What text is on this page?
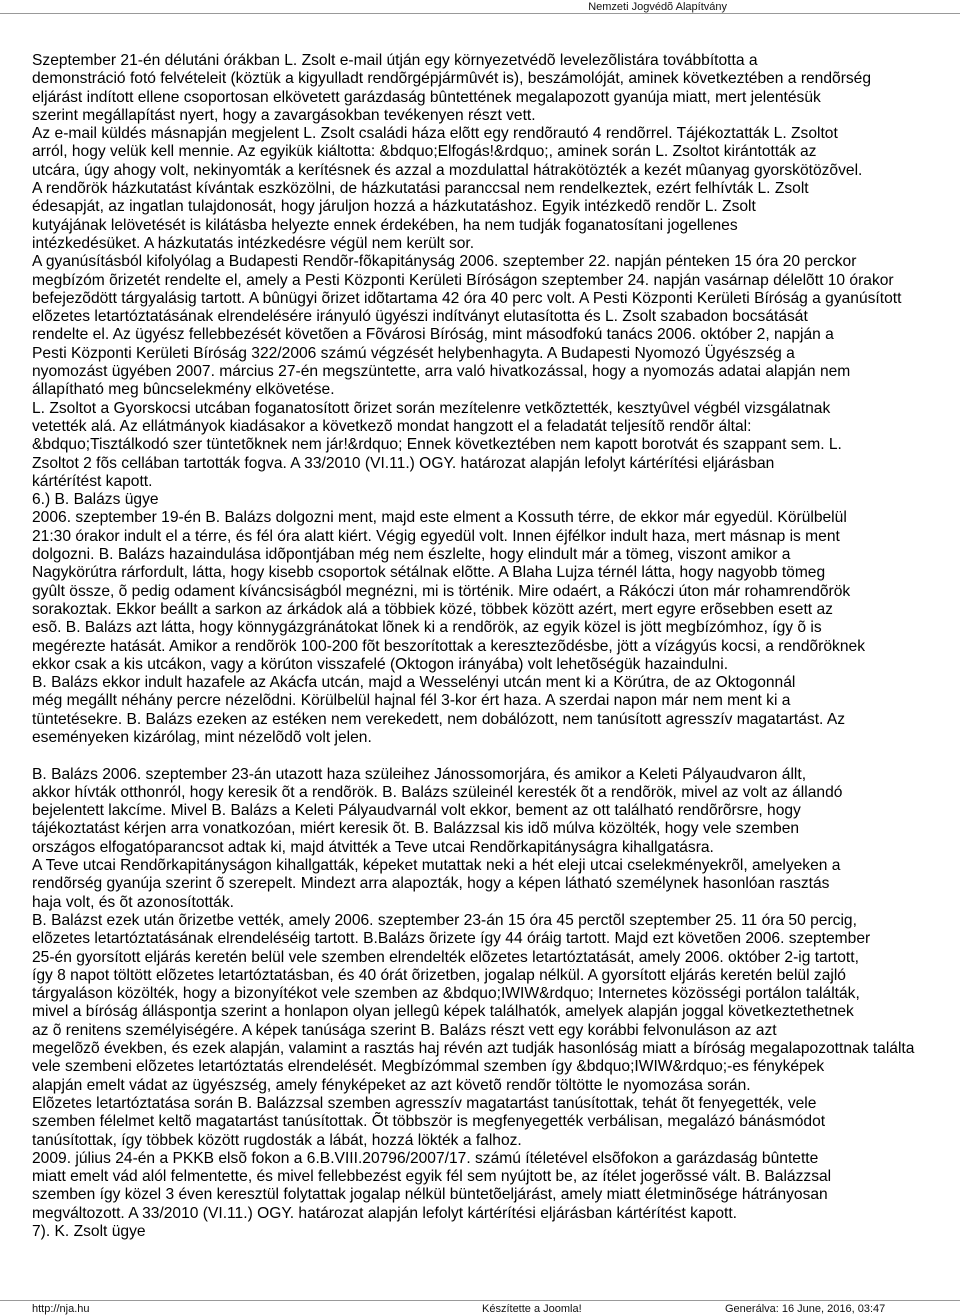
Nemzeti Jogvédõ Alapítvány

Szeptember 21-én délutáni órákban L. Zsolt e-mail útján egy környezetvédõ levelezõlistára továbbította a

demonstráció fotó felvételeit (köztük a kigyulladt rendõrgépjármûvét is), beszámolóját, aminek következtében a rendõrség

eljárást indított ellene csoportosan elkövetett garázdaság bûntettének megalapozott gyanúja miatt, mert jelentésük

szerint megállapítást nyert, hogy a zavargásokban tevékenyen részt vett.

Az e-mail küldés másnapján megjelent L. Zsolt családi háza elõtt egy rendõrautó 4 rendõrrel. Tájékoztatták L. Zsoltot

arról, hogy velük kell mennie. Az egyikük kiáltotta: &bdquo;Elfogás!&rdquo;, aminek során L. Zsoltot kirántották az

utcára, úgy ahogy volt, nekinyomták a kerítésnek és azzal a mozdulattal hátrakötözték a kezét mûanyag gyorskötözõvel.

A rendõrök házkutatást kívántak eszközölni, de házkutatási paranccsal nem rendelkeztek, ezért felhívták L. Zsolt

édesapját, az ingatlan tulajdonosát, hogy járuljon hozzá a házkutatáshoz. Egyik intézkedõ rendõr L. Zsolt

kutyájának lelövetését is kilátásba helyezte ennek érdekében, ha nem tudják foganatosítani jogellenes

intézkedésüket. A házkutatás intézkedésre végül nem került sor.

A gyanúsításból kifolyólag a Budapesti Rendõr-fõkapitányság 2006. szeptember 22. napján pénteken 15 óra 20 perckor

megbízóm õrizetét rendelte el, amely a Pesti Központi Kerületi Bíróságon szeptember 24. napján vasárnap délelõtt 10 órakor

befejezõdött tárgyalásig tartott. A bûnügyi õrizet idõtartama 42 óra 40 perc volt. A Pesti Központi Kerületi Bíróság a gyanúsított

elõzetes letartóztatásának elrendelésére irányuló ügyészi indítványt elutasította és L. Zsolt szabadon bocsátását

rendelte el. Az ügyész fellebbezését követõen a Fõvárosi Bíróság, mint másodfokú tanács 2006. október 2, napján a

Pesti Központi Kerületi Bíróság 322/2006 számú végzését helybenhagyta. A Budapesti Nyomozó Ügyészség a

nyomozást ügyében 2007. március 27-én megszüntette, arra való hivatkozással, hogy a nyomozás adatai alapján nem

állapítható meg bûncselekmény elkövetése.

L. Zsoltot a Gyorskocsi utcában foganatosított õrizet során mezítelenre vetkõztették, kesztyûvel végbél vizsgálatnak

vetették alá. Az ellátmányok kiadásakor a következõ mondat hangzott el a feladatát teljesítõ rendõr által:

&bdquo;Tisztálkodó szer tüntetõknek nem jár!&rdquo; Ennek következtében nem kapott borotvát és szappant sem. L.

Zsoltot 2 fõs cellában tartották fogva. A 33/2010 (VI.11.) OGY. határozat alapján lefolyt kártérítési eljárásban

kártérítést kapott.

6.) B. Balázs ügye

2006. szeptember 19-én B. Balázs dolgozni ment, majd este elment a Kossuth térre, de ekkor már egyedül. Körülbelül

21:30 órakor indult el a térre, és fél óra alatt kiért. Végig egyedül volt. Innen éjfélkor indult haza, mert másnap is ment

dolgozni. B. Balázs hazaindulása idõpontjában még nem észlelte, hogy elindult már a tömeg, viszont amikor a

Nagykörútra rárfordult, látta, hogy kisebb csoportok sétálnak elõtte. A Blaha Lujza térnél látta, hogy nagyobb tömeg

gyûlt össze, õ pedig odament kíváncsiságból megnézni, mi is történik. Mire odaért, a Rákóczi úton már rohamrendõrök

sorakoztak. Ekkor beállt a sarkon az árkádok alá a többiek közé, többek között azért, mert egyre erõsebben esett az

esõ. B. Balázs azt látta, hogy könnygázgránátokat lõnek ki a rendõrök, az egyik közel is jött megbízómhoz, így õ is

megérezte hatását. Amikor a rendõrök 100-200 fõt beszorítottak a keresztezõdésbe, jött a vízágyús kocsi, a rendõröknek

ekkor csak a kis utcákon, vagy a körúton visszafelé (Oktogon irányába) volt lehetõségük hazaindulni.

B. Balázs ekkor indult hazafele az Akácfa utcán, majd a Wesselényi utcán ment ki a Körútra, de az Oktogonnál

még megállt néhány percre nézelõdni. Körülbelül hajnal fél 3-kor ért haza. A szerdai napon már nem ment ki a

tüntetésekre. B. Balázs ezeken az estéken nem verekedett, nem dobálózott, nem tanúsított agresszív magatartást. Az

eseményeken kizárólag, mint nézelõdõ volt jelen.

B. Balázs 2006. szeptember 23-án utazott haza szüleihez Jánossomorjára, és amikor a Keleti Pályaudvaron állt,

akkor hívták otthonról, hogy keresik õt a rendõrök. B. Balázs szüleinél keresték õt a rendõrök, mivel az volt az állandó

bejelentett lakcíme. Mivel B. Balázs a Keleti Pályaudvarnál volt ekkor, bement az ott található rendõrõrsre, hogy

tájékoztatást kérjen arra vonatkozóan, miért keresik õt. B. Balázzsal kis idõ múlva közölték, hogy vele szemben

országos elfogatóparancsot adtak ki, majd átvitték a Teve utcai Rendõrkapitányságra kihallgatásra.

A Teve utcai Rendõrkapitányságon kihallgatták, képeket mutattak neki a hét eleji utcai cselekményekrõl, amelyeken a

rendõrség gyanúja szerint õ szerepelt. Mindezt arra alapozták, hogy a képen látható személynek hasonlóan rasztás

haja volt, és õt azonosították.

B. Balázst ezek után õrizetbe vették, amely 2006. szeptember 23-án 15 óra 45 perctõl szeptember 25. 11 óra 50 percig,

elõzetes letartóztatásának elrendeléséig tartott. B.Balázs õrizete így 44 óráig tartott. Majd ezt követõen 2006. szeptember

25-én gyorsított eljárás keretén belül vele szemben elrendelték elõzetes letartóztatását, amely 2006. október 2-ig tartott,

így 8 napot töltött elõzetes letartóztatásban, és 40 órát õrizetben, jogalap nélkül. A gyorsított eljárás keretén belül zajló

tárgyaláson közölték, hogy a bizonyítékot vele szemben az &bdquo;IWIW&rdquo; Internetes közösségi portálon találták,

mivel a bíróság álláspontja szerint a honlapon olyan jellegû képek találhatók, amelyek alapján joggal következtethetnek

az õ renitens személyiségére. A képek tanúsága szerint B. Balázs részt vett egy korábbi felvonuláson az azt

megelõzõ években, és ezek alapján, valamint a rasztás haj révén azt tudják hasonlóság miatt a bíróság megalapozottnak találta

vele szembeni elõzetes letartóztatás elrendelését. Megbízómmal szemben így &bdquo;IWIW&rdquo;-es fényképek

alapján emelt vádat az ügyészség, amely fényképeket az azt követõ rendõr töltötte le nyomozása során.

Elõzetes letartóztatása során B. Balázzsal szemben agresszív magatartást tanúsítottak, tehát õt fenyegették, vele

szemben félelmet keltõ magatartást tanúsítottak. Õt többször is megfenyegették verbálisan, megalázó bánásmódot

tanúsítottak, így többek között rugdosták a lábát, hozzá lökték a falhoz.

2009. július 24-én a PKKB elsõ fokon a 6.B.VIII.20796/2007/17. számú ítéletével elsõfokon a garázdaság bûntette

miatt emelt vád alól felmentette, és mivel fellebbezést egyik fél sem nyújtott be, az ítélet jogerõssé vált. B. Balázzsal

szemben így közel 3 éven keresztül folytattak jogalap nélkül büntetõeljárást, amely miatt életminõsége hátrányosan

megváltozott. A 33/2010 (VI.11.) OGY. határozat alapján lefolyt kártérítési eljárásban kártérítést kapott.

7). K. Zsolt ügye

http://nja.hu	Készítette a Joomla!	Generálva: 16 June, 2016, 03:47
